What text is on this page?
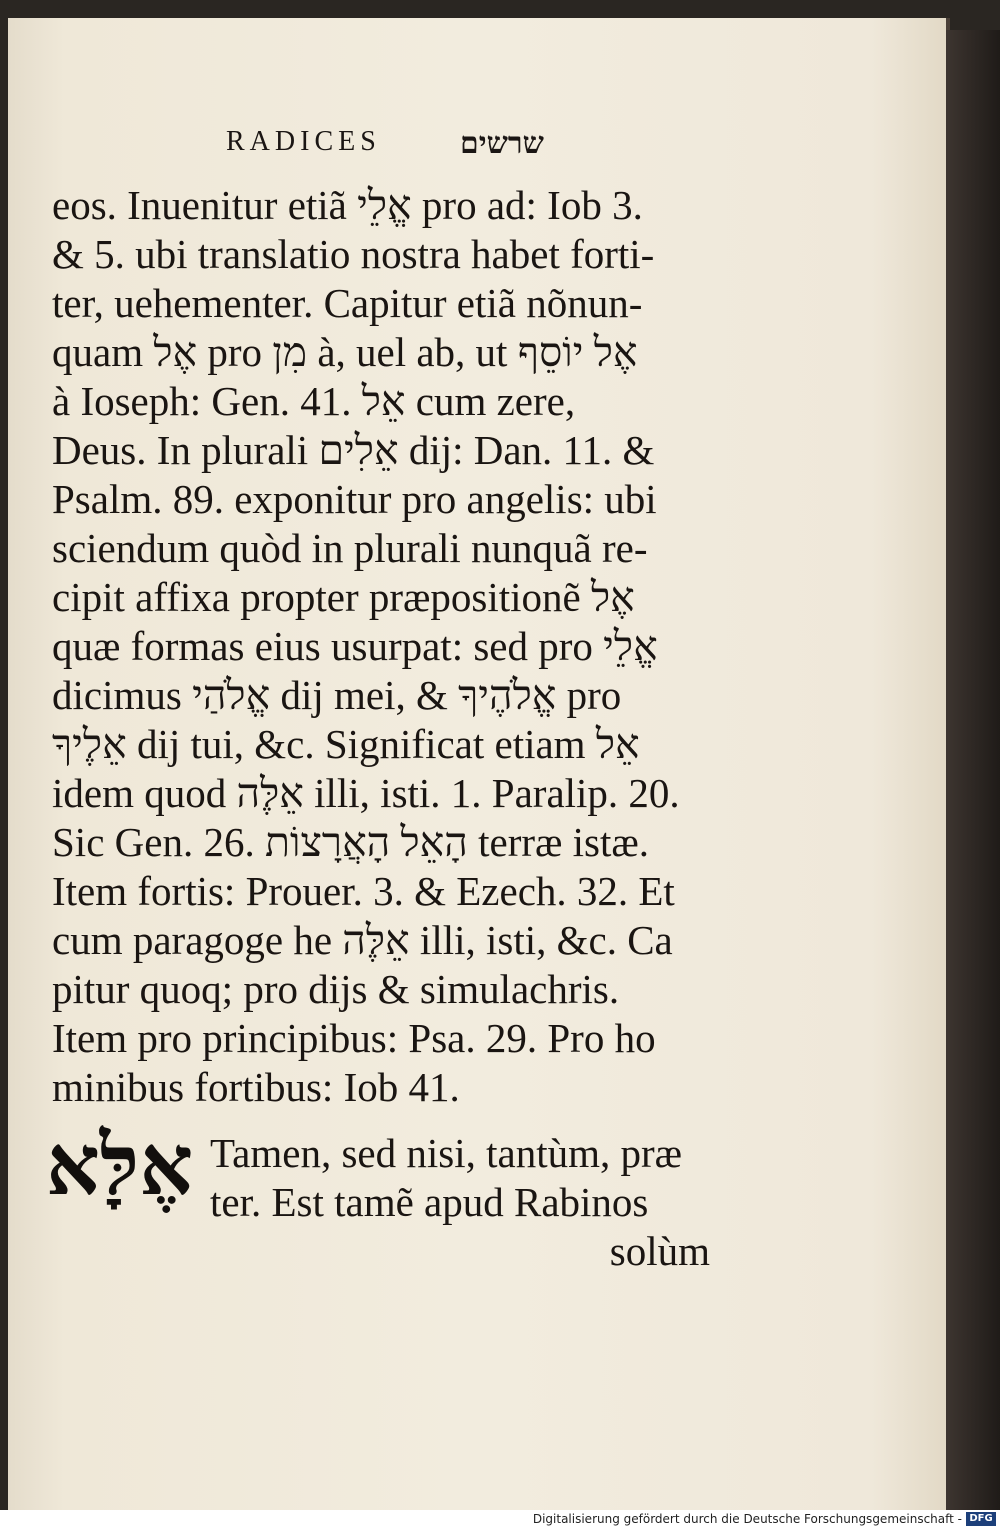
RADICES	שרשים
eos. Inuenitur etiã אֱלֵי pro ad: Iob 3.
& 5. ubi translatio nostra habet forti-
ter, uehementer. Capitur etiã nõnun-
quam אֶל pro מִן à, uel ab, ut אֶל יוֹסֵף
à Ioseph: Gen. 41. אֵל cum zere,
Deus. In plurali אֵלִים dij: Dan. 11. &
Psalm. 89. exponitur pro angelis: ubi
sciendum quòd in plurali nunquã re-
cipit affixa propter præpositionẽ אֶל
quæ formas eius usurpat: sed pro אֱלֵי
dicimus אֱלֹהַי dij mei, & אֱלֹהֶיךָ pro
אֵלֶיךָ dij tui, &c. Significat etiam אֵל
idem quod אֵלֶּה illi, isti. 1. Paralip. 20.
Sic Gen. 26. הָאֵל הָאֲרָצוֹת terræ istæ.
Item fortis: Prouer. 3. & Ezech. 32. Et
cum paragoge he אֵלֶּה illi, isti, &c. Ca
pitur quoq; pro dijs & simulachris.
Item pro principibus: Psa. 29. Pro ho
minibus fortibus: Iob 41.
אֶלָּא Tamen, sed nisi, tantùm, præ
ter. Est tamẽ apud Rabinos
solùm
Digitalisierung gefördert durch die Deutsche Forschungsgemeinschaft - DFG
